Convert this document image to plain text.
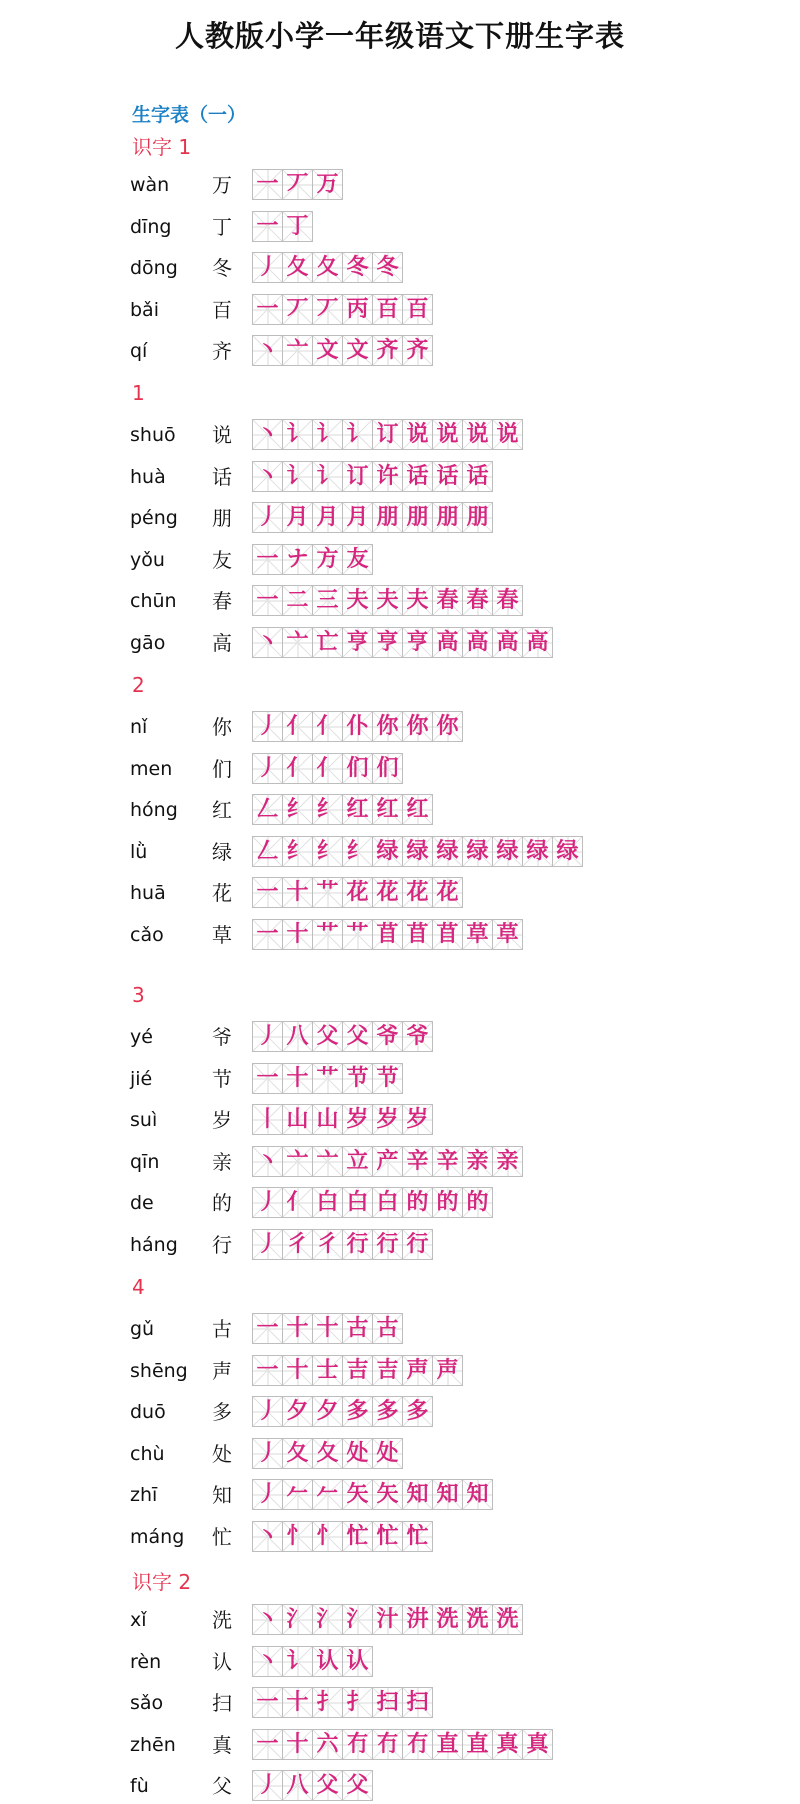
人教版小学一年级语文下册生字表
生字表（一）
识字 1
wàn 万 一 丆 万
dīng 丁 一 丁
dōng 冬 丿 夂 夂 冬 冬
bǎi	百 一 丆 丆 丙 百 百
qí	齐 丶 亠 文 文 齐 齐
1
shuō 说 丶 讠 讠 讠 订 说 说 说 说
huà 话 丶 讠 讠 订 许 话 话 话
péng 朋 丿 月 月 月 朋 朋 朋 朋
yǒu 友 一 ナ 方 友
chūn 春 一 二 三 夫 夫 夫 春 春 春
gāo 高 丶 亠 亡 亨 亨 亨 高 高 高 高
2
nǐ	你 丿 亻 亻 仆 你 你 你
men 们 丿 亻 亻 们 们
hóng 红 𠃋 纟 纟 红 红 红
lǜ	绿 𠃋 纟 纟 纟 绿 绿 绿 绿 绿 绿 绿
huā 花 一 十 艹 花 花 花 花
cǎo 草 一 十 艹 艹 苜 苜 苜 草 草
3
yé	爷 丿 八 父 父 爷 爷
jié	节 一 十 艹 节 节
suì	岁 丨 山 山 岁 岁 岁
qīn	亲 丶 亠 亠 立 产 辛 辛 亲 亲
de	的 丿 亻 白 白 白 的 的 的
háng 行 丿 彳 彳 行 行 行
4
gǔ	古 一 十 十 古 古
shēng 声 一 十 士 吉 吉 声 声
duō 多 丿 夕 夕 多 多 多
chù 处 丿 夂 夂 处 处
zhī	知 丿 𠂉 𠂉 矢 矢 知 知 知
máng 忙 丶 忄 忄 忙 忙 忙
识字 2
xǐ	洗 丶 氵 氵 氵 汁 汫 洗 洗 洗
rèn	认 丶 讠 认 认
sǎo 扫 一 十 扌 扌 扫 扫
zhēn 真 一 十 六 冇 冇 冇 直 直 真 真
fù	父 丿 八 父 父
